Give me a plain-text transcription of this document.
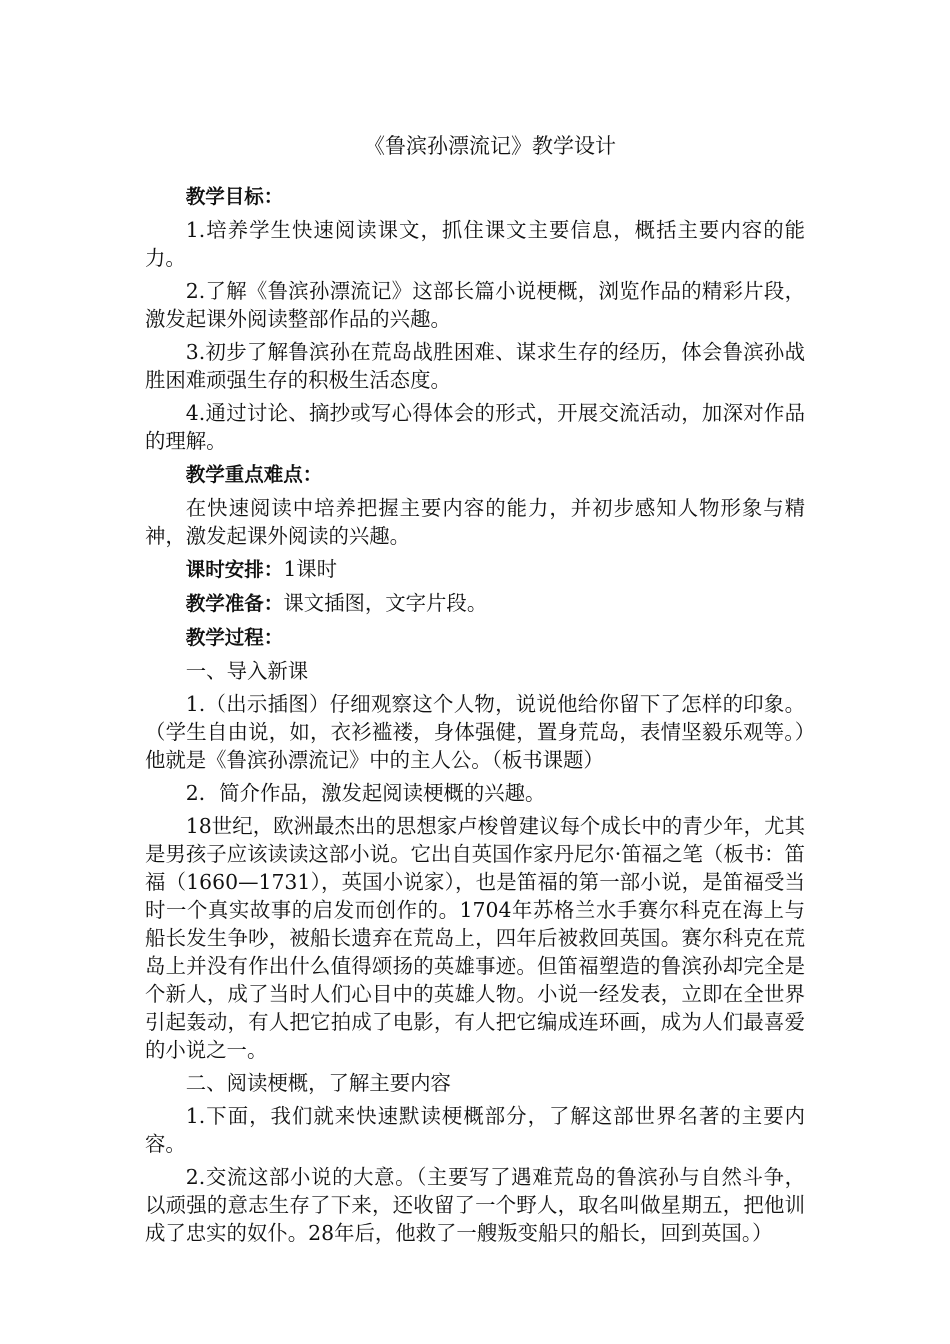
《鲁滨孙漂流记》教学设计
教学目标：
1.培养学生快速阅读课文，抓住课文主要信息，概括主要内容的能力。
2.了解《鲁滨孙漂流记》这部长篇小说梗概，浏览作品的精彩片段，激发起课外阅读整部作品的兴趣。
3.初步了解鲁滨孙在荒岛战胜困难、谋求生存的经历，体会鲁滨孙战胜困难顽强生存的积极生活态度。
4.通过讨论、摘抄或写心得体会的形式，开展交流活动，加深对作品的理解。
教学重点难点：
在快速阅读中培养把握主要内容的能力，并初步感知人物形象与精神，激发起课外阅读的兴趣。
课时安排：1课时
教学准备：课文插图，文字片段。
教学过程：
一、导入新课
1.（出示插图）仔细观察这个人物，说说他给你留下了怎样的印象。（学生自由说，如，衣衫褴褛，身体强健，置身荒岛，表情坚毅乐观等。）他就是《鲁滨孙漂流记》中的主人公。（板书课题）
2．简介作品，激发起阅读梗概的兴趣。
18世纪，欧洲最杰出的思想家卢梭曾建议每个成长中的青少年，尤其是男孩子应该读读这部小说。它出自英国作家丹尼尔·笛福之笔（板书：笛福（1660—1731），英国小说家），也是笛福的第一部小说，是笛福受当时一个真实故事的启发而创作的。1704年苏格兰水手赛尔科克在海上与船长发生争吵，被船长遗弃在荒岛上，四年后被救回英国。赛尔科克在荒岛上并没有作出什么值得颂扬的英雄事迹。但笛福塑造的鲁滨孙却完全是个新人，成了当时人们心目中的英雄人物。小说一经发表，立即在全世界引起轰动，有人把它拍成了电影，有人把它编成连环画，成为人们最喜爱的小说之一。
二、阅读梗概，了解主要内容
1.下面，我们就来快速默读梗概部分，了解这部世界名著的主要内容。
2.交流这部小说的大意。（主要写了遇难荒岛的鲁滨孙与自然斗争，以顽强的意志生存了下来，还收留了一个野人，取名叫做星期五，把他训成了忠实的奴仆。28年后，他救了一艘叛变船只的船长，回到英国。）
